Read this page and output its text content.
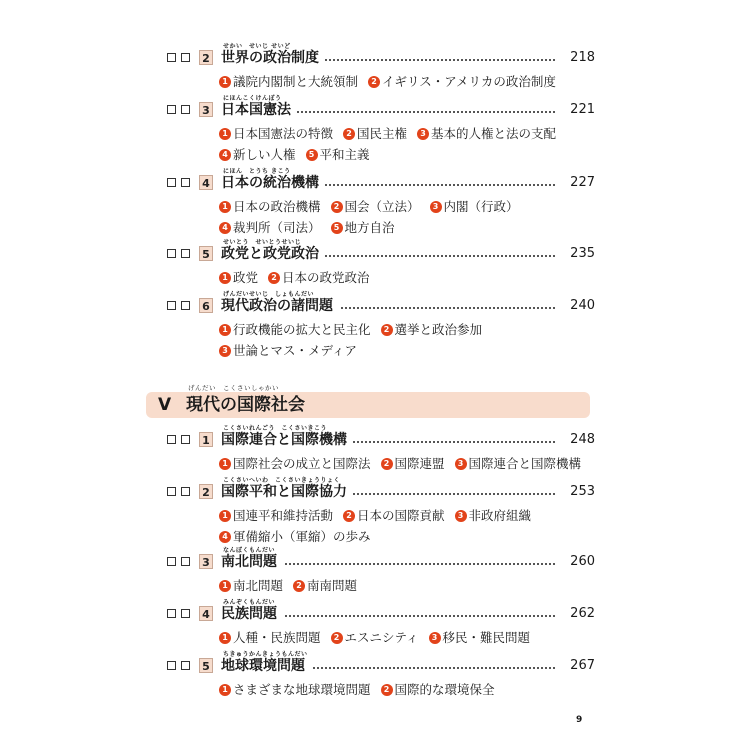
2
せかい　せいじ せいど
世界の政治制度	218
1 議院内閣制と大統領制	2 イギリス・アメリカの政治制度
3
にほんこくけんぽう
日本国憲法	221
1 日本国憲法の特徴	2 国民主権	3 基本的人権と法の支配
4 新しい人権	5 平和主義
4
にほん　とうち きこう
日本の統治機構	227
1 日本の政治機構	2 国会（立法）	3 内閣（行政）
4 裁判所（司法）	5 地方自治
5
せいとう　せいとうせいじ
政党と政党政治	235
1 政党	2 日本の政党政治
6
げんだいせいじ　しょもんだい
現代政治の諸問題	240
1 行政機能の拡大と民主化	2 選挙と政治参加
3 世論とマス・メディア
V
げんだい　こくさいしゃかい
現代の国際社会
1
こくさいれんごう　こくさいきこう
国際連合と国際機構	248
1 国際社会の成立と国際法	2 国際連盟	3 国際連合と国際機構
2
こくさいへいわ　こくさいきょうりょく
国際平和と国際協力	253
1 国連平和維持活動	2 日本の国際貢献	3 非政府組織
4 軍備縮小（軍縮）の歩み
3
なんぼくもんだい
南北問題	260
1 南北問題	2 南南問題
4
みんぞくもんだい
民族問題	262
1 人種・民族問題	2 エスニシティ	3 移民・難民問題
5
ちきゅうかんきょうもんだい
地球環境問題	267
1 さまざまな地球環境問題	2 国際的な環境保全
9
